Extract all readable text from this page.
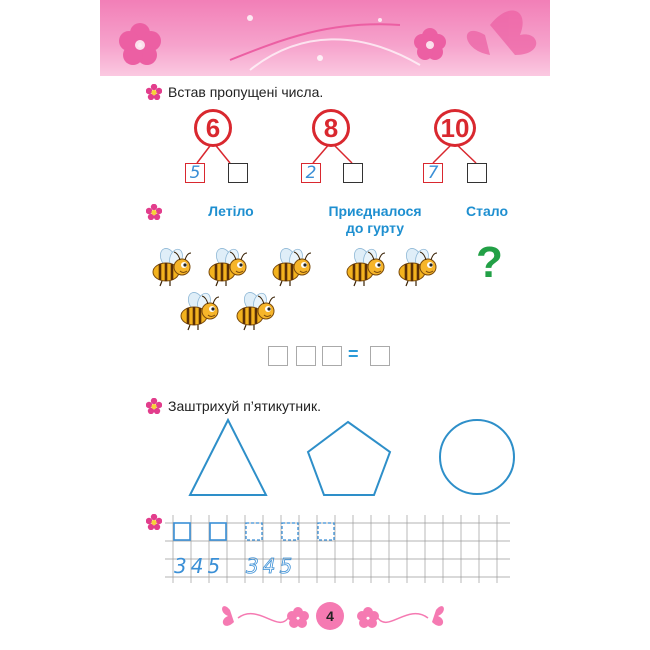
Встав пропущені числа.
6
5
8
2
10
7
Летіло	Приєдналося
до гурту
Стало
?
=
Заштрихуй п’ятикутник.
345 345
4
